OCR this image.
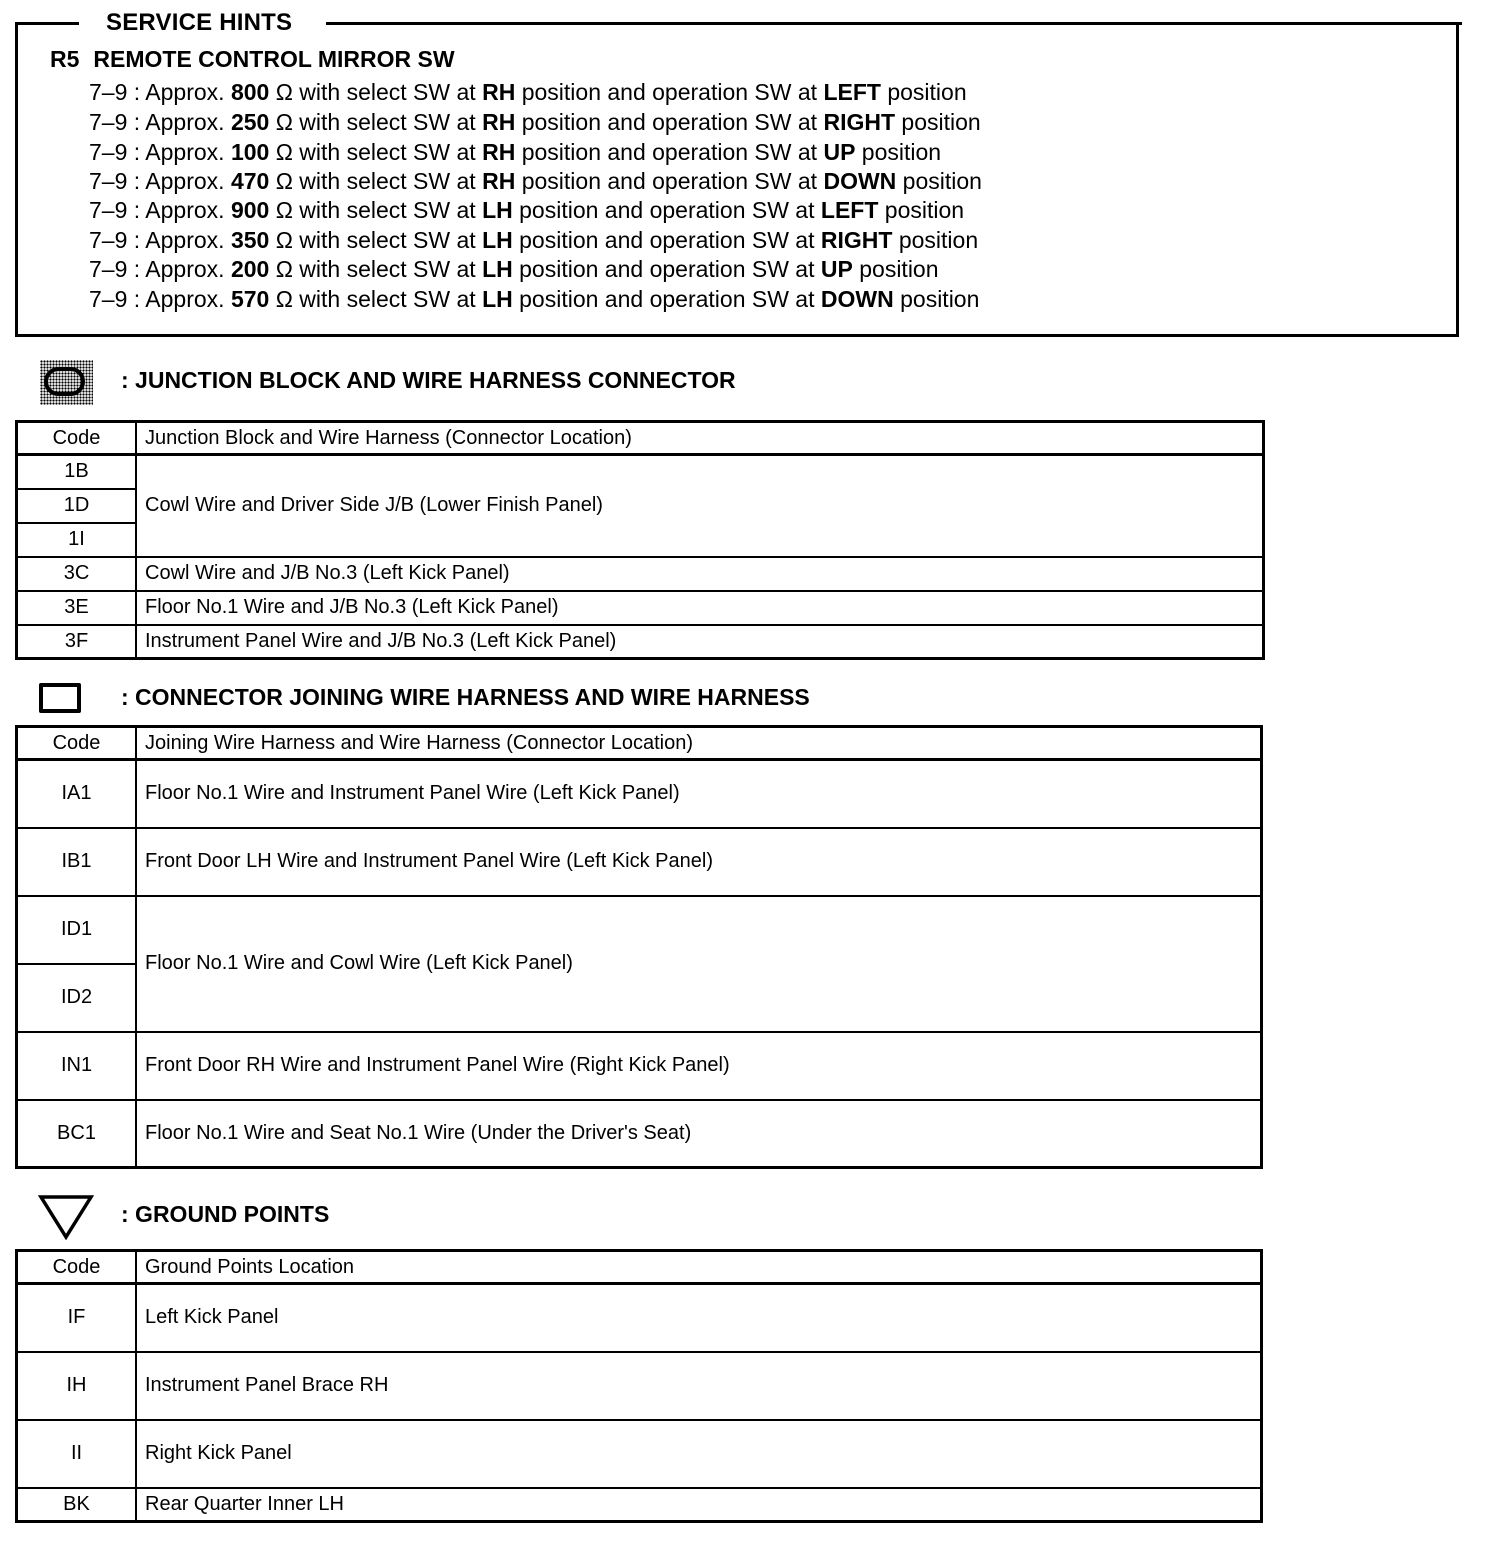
SERVICE HINTS
R5 REMOTE CONTROL MIRROR SW
7–9 : Approx. 800 Ω with select SW at RH position and operation SW at LEFT position
7–9 : Approx. 250 Ω with select SW at RH position and operation SW at RIGHT position
7–9 : Approx. 100 Ω with select SW at RH position and operation SW at UP position
7–9 : Approx. 470 Ω with select SW at RH position and operation SW at DOWN position
7–9 : Approx. 900 Ω with select SW at LH position and operation SW at LEFT position
7–9 : Approx. 350 Ω with select SW at LH position and operation SW at RIGHT position
7–9 : Approx. 200 Ω with select SW at LH position and operation SW at UP position
7–9 : Approx. 570 Ω with select SW at LH position and operation SW at DOWN position
: JUNCTION BLOCK AND WIRE HARNESS CONNECTOR
Code	Junction Block and Wire Harness (Connector Location)
1B	Cowl Wire and Driver Side J/B (Lower Finish Panel)
1D	
1I	
3C	Cowl Wire and J/B No.3 (Left Kick Panel)
3E	Floor No.1 Wire and J/B No.3 (Left Kick Panel)
3F	Instrument Panel Wire and J/B No.3 (Left Kick Panel)
: CONNECTOR JOINING WIRE HARNESS AND WIRE HARNESS
Code	Joining Wire Harness and Wire Harness (Connector Location)
IA1	Floor No.1 Wire and Instrument Panel Wire (Left Kick Panel)
IB1	Front Door LH Wire and Instrument Panel Wire (Left Kick Panel)
ID1	Floor No.1 Wire and Cowl Wire (Left Kick Panel)
ID2	
IN1	Front Door RH Wire and Instrument Panel Wire (Right Kick Panel)
BC1	Floor No.1 Wire and Seat No.1 Wire (Under the Driver's Seat)
: GROUND POINTS
Code	Ground Points Location
IF	Left Kick Panel
IH	Instrument Panel Brace RH
II	Right Kick Panel
BK	Rear Quarter Inner LH
